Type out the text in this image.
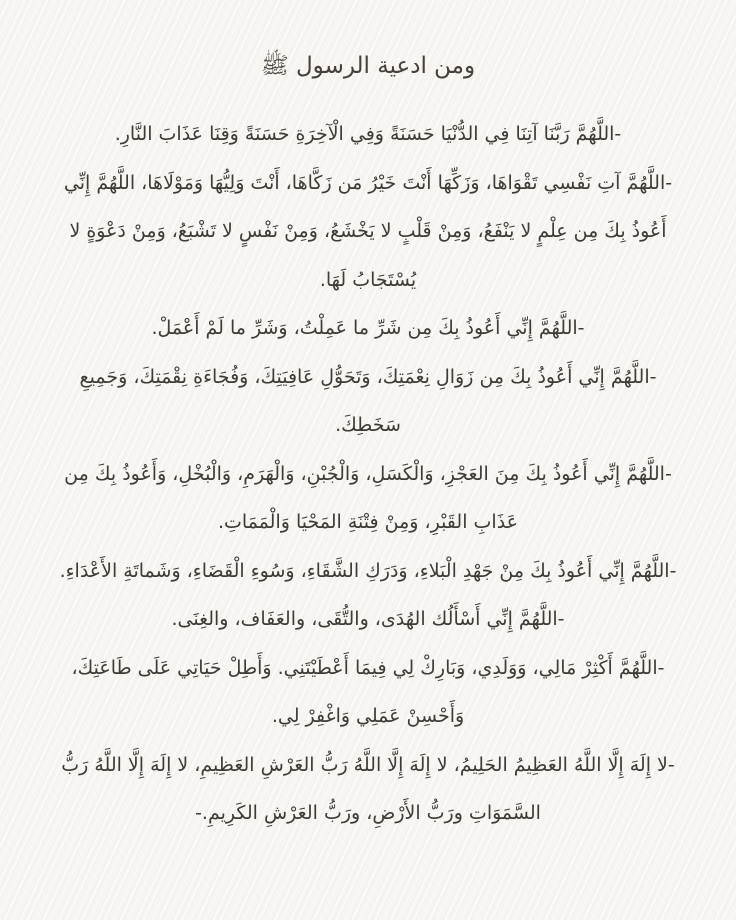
ومن ادعية الرسول ﷺ
-اللَّهُمَّ رَبَّنَا آتِنَا فِي الدُّنْيَا حَسَنَةً وَفِي الْآخِرَةِ حَسَنَةً وَقِنَا عَذَابَ النَّارِ.
-اللَّهُمَّ آتِ نَفْسِي تَقْوَاهَا، وَزَكِّهَا أَنْتَ خَيْرُ مَن زَكَّاهَا، أَنْتَ وَلِيُّهَا وَمَوْلَاهَا، اللَّهُمَّ إِنِّي
أَعُوذُ بِكَ مِن عِلْمٍ لا يَنْفَعُ، وَمِنْ قَلْبٍ لا يَخْشَعُ، وَمِنْ نَفْسٍ لا تَشْبَعُ، وَمِنْ دَعْوَةٍ لا
يُسْتَجَابُ لَهَا.
-اللَّهُمَّ إِنِّي أَعُوذُ بِكَ مِن شَرِّ ما عَمِلْتُ، وَشَرِّ ما لَمْ أَعْمَلْ.
-اللَّهُمَّ إِنِّي أَعُوذُ بِكَ مِن زَوَالِ نِعْمَتِكَ، وَتَحَوُّلِ عَافِيَتِكَ، وَفُجَاءَةِ نِقْمَتِكَ، وَجَمِيعِ
سَخَطِكَ.
-اللَّهُمَّ إِنِّي أَعُوذُ بِكَ مِنَ العَجْزِ، وَالْكَسَلِ، وَالْجُبْنِ، وَالْهَرَمِ، وَالْبُخْلِ، وَأَعُوذُ بِكَ مِن
عَذَابِ القَبْرِ، وَمِنْ فِتْنَةِ المَحْيَا وَالْمَمَاتِ.
-اللَّهُمَّ إِنِّي أَعُوذُ بِكَ مِنْ جَهْدِ الْبَلاءِ، وَدَرَكِ الشَّقَاءِ، وَسُوءِ الْقَضَاءِ، وَشَماتَةِ الأَعْدَاءِ.
-اللَّهُمَّ إِنِّي أَسْأَلُك الهُدَى، والتُّقَى، والعَفَاف، والغِنَى.
-اللَّهُمَّ أَكْثِرْ مَالِي، وَوَلَدِي، وَبَارِكْ لِي فِيمَا أَعْطَيْتَنِي. وَأَطِلْ حَيَاتِي عَلَى طَاعَتِكَ،
وَأَحْسِنْ عَمَلِي وَاغْفِرْ لِي.
-لا إِلَهَ إِلَّا اللَّهُ العَظِيمُ الحَلِيمُ، لا إِلَهَ إِلَّا اللَّهُ رَبُّ العَرْشِ العَظِيمِ، لا إِلَهَ إِلَّا اللَّهُ رَبُّ
السَّمَوَاتِ ورَبُّ الأَرْضِ، ورَبُّ العَرْشِ الكَرِيمِ.-
